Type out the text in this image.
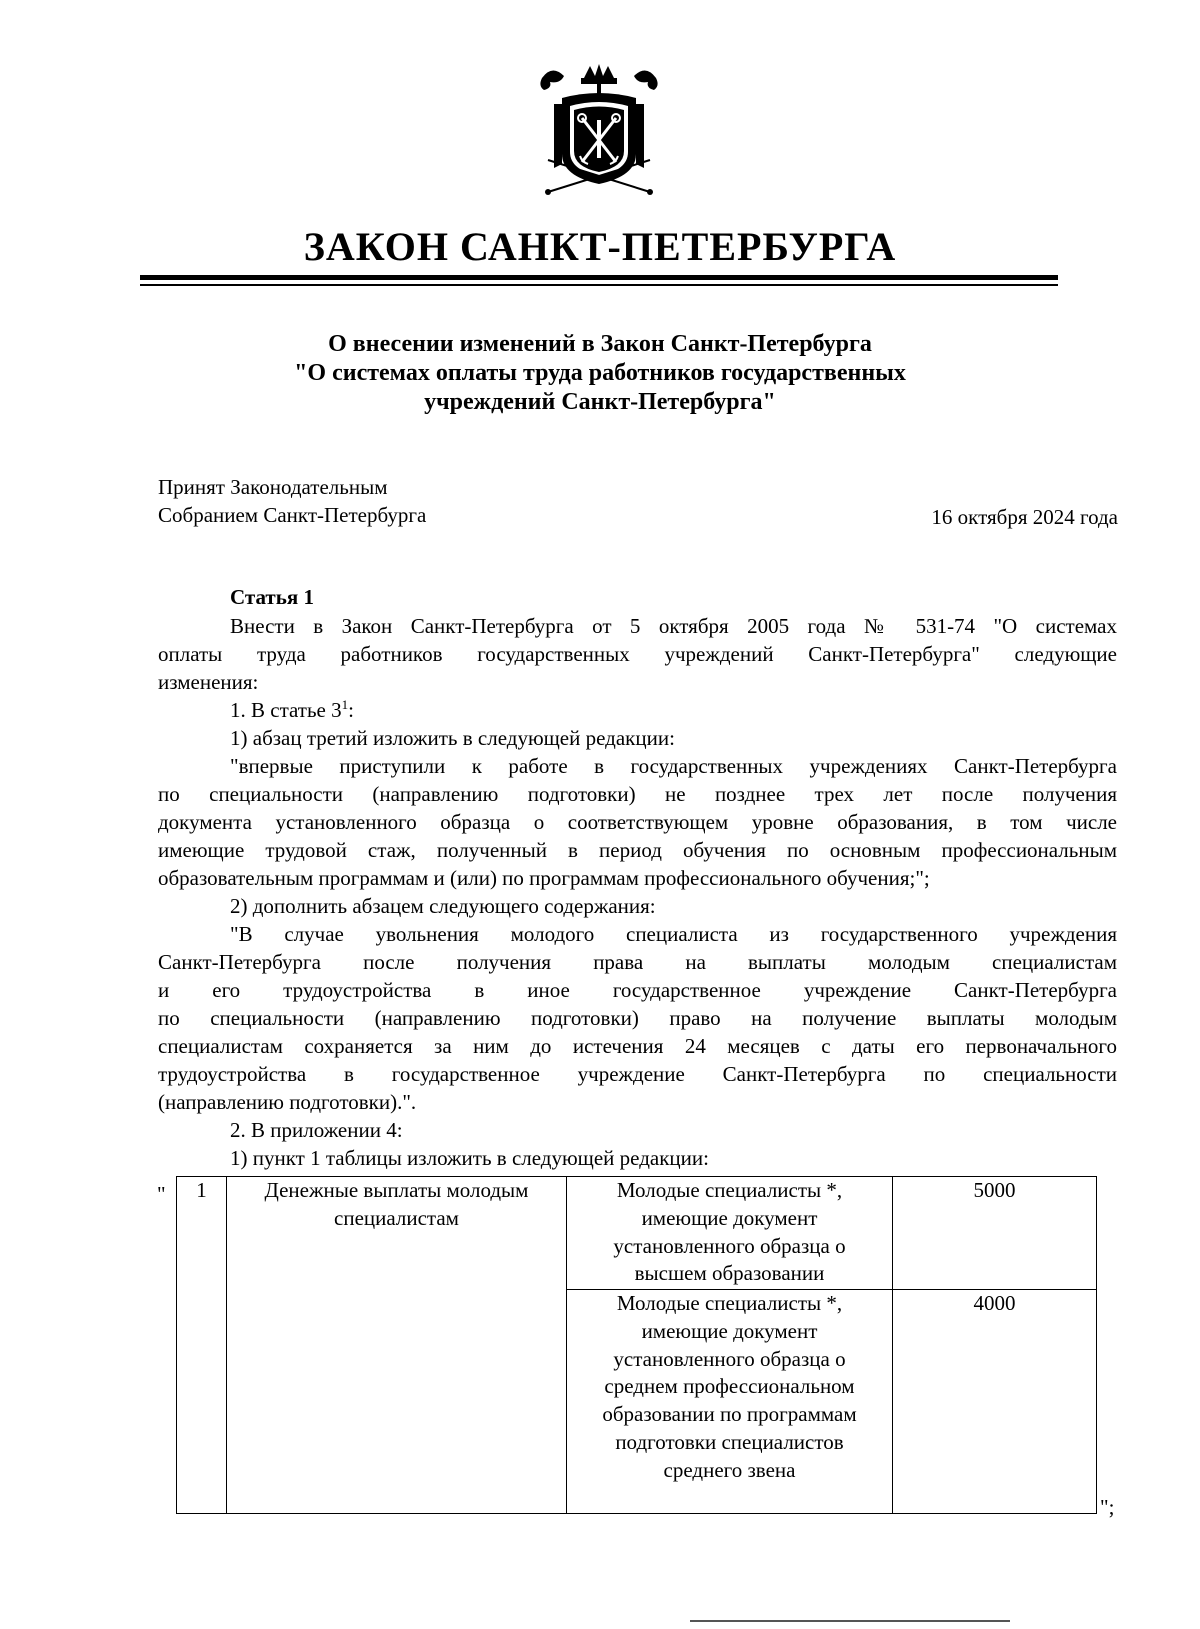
ЗАКОН САНКТ-ПЕТЕРБУРГА
О внесении изменений в Закон Санкт-Петербурга
"О системах оплаты труда работников государственных
учреждений Санкт-Петербурга"
Принят Законодательным
Собранием Санкт-Петербурга	16 октября 2024 года
Статья 1
Внести в Закон Санкт-Петербурга от 5 октября 2005 года № 531-74 "О системах
оплаты труда работников государственных учреждений Санкт-Петербурга" следующие
изменения:
1. В статье $3^1$:
1) абзац третий изложить в следующей редакции:
"впервые приступили к работе в государственных учреждениях Санкт-Петербурга
по специальности (направлению подготовки) не позднее трех лет после получения
документа установленного образца о соответствующем уровне образования, в том числе
имеющие трудовой стаж, полученный в период обучения по основным профессиональным
образовательным программам и (или) по программам профессионального обучения;";
2) дополнить абзацем следующего содержания:
"В случае увольнения молодого специалиста из государственного учреждения
Санкт-Петербурга после получения права на выплаты молодым специалистам
и его трудоустройства в иное государственное учреждение Санкт-Петербурга
по специальности (направлению подготовки) право на получение выплаты молодым
специалистам сохраняется за ним до истечения 24 месяцев с даты его первоначального
трудоустройства в государственное учреждение Санкт-Петербурга по специальности
(направлению подготовки).".
2. В приложении 4:
1) пункт 1 таблицы изложить в следующей редакции:
" 1	Денежные выплаты молодым специалистам	Молодые специалисты *, имеющие документ установленного образца о высшем образовании	5000
		Молодые специалисты *, имеющие документ установленного образца о среднем профессиональном образовании по программам подготовки специалистов среднего звена	4000
";
